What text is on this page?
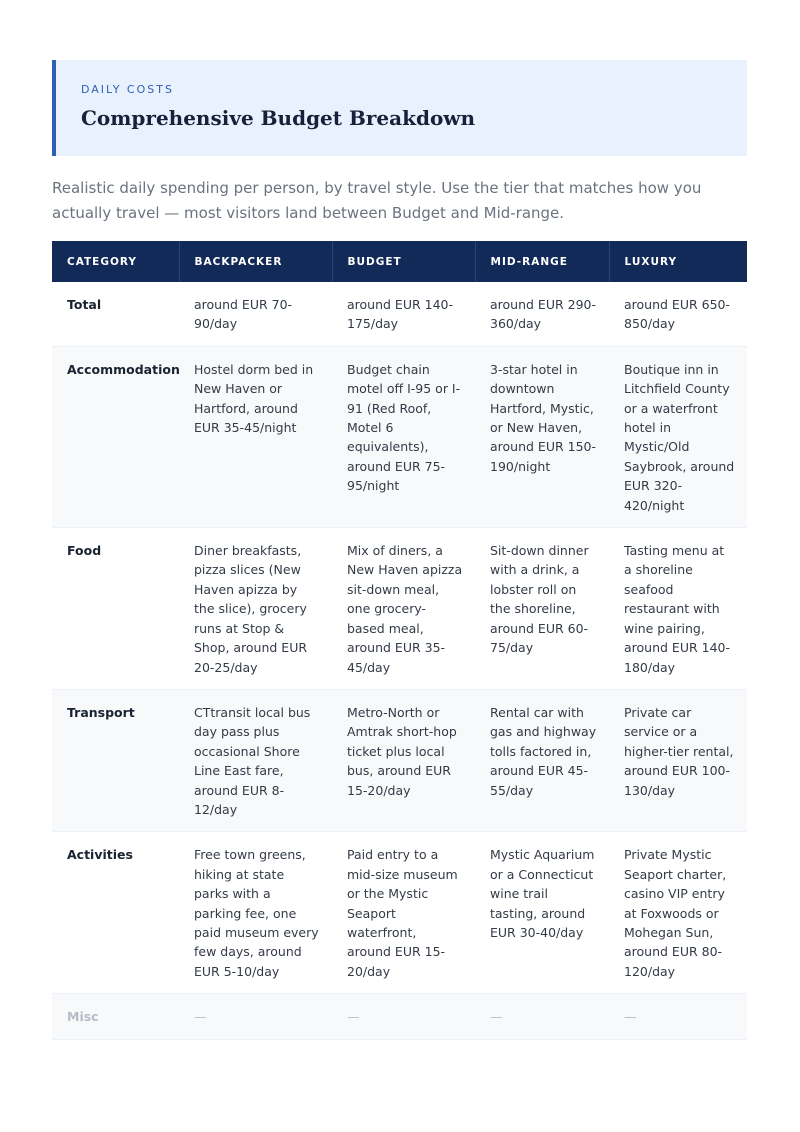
DAILY COSTS
Comprehensive Budget Breakdown

Realistic daily spending per person, by travel style. Use the tier that matches how you actually travel — most visitors land between Budget and Mid-range.

CATEGORY	BACKPACKER	BUDGET	MID-RANGE	LUXURY
Total	around EUR 70-90/day	around EUR 140-175/day	around EUR 290-360/day	around EUR 650-850/day
Accommodation	Hostel dorm bed in New Haven or Hartford, around EUR 35-45/night	Budget chain motel off I-95 or I-91 (Red Roof, Motel 6 equivalents), around EUR 75-95/night	3-star hotel in downtown Hartford, Mystic, or New Haven, around EUR 150-190/night	Boutique inn in Litchfield County or a waterfront hotel in Mystic/Old Saybrook, around EUR 320-420/night
Food	Diner breakfasts, pizza slices (New Haven apizza by the slice), grocery runs at Stop & Shop, around EUR 20-25/day	Mix of diners, a New Haven apizza sit-down meal, one grocery-based meal, around EUR 35-45/day	Sit-down dinner with a drink, a lobster roll on the shoreline, around EUR 60-75/day	Tasting menu at a shoreline seafood restaurant with wine pairing, around EUR 140-180/day
Transport	CTtransit local bus day pass plus occasional Shore Line East fare, around EUR 8-12/day	Metro-North or Amtrak short-hop ticket plus local bus, around EUR 15-20/day	Rental car with gas and highway tolls factored in, around EUR 45-55/day	Private car service or a higher-tier rental, around EUR 100-130/day
Activities	Free town greens, hiking at state parks with a parking fee, one paid museum every few days, around EUR 5-10/day	Paid entry to a mid-size museum or the Mystic Seaport waterfront, around EUR 15-20/day	Mystic Aquarium or a Connecticut wine trail tasting, around EUR 30-40/day	Private Mystic Seaport charter, casino VIP entry at Foxwoods or Mohegan Sun, around EUR 80-120/day
Misc	—	—	—	—
